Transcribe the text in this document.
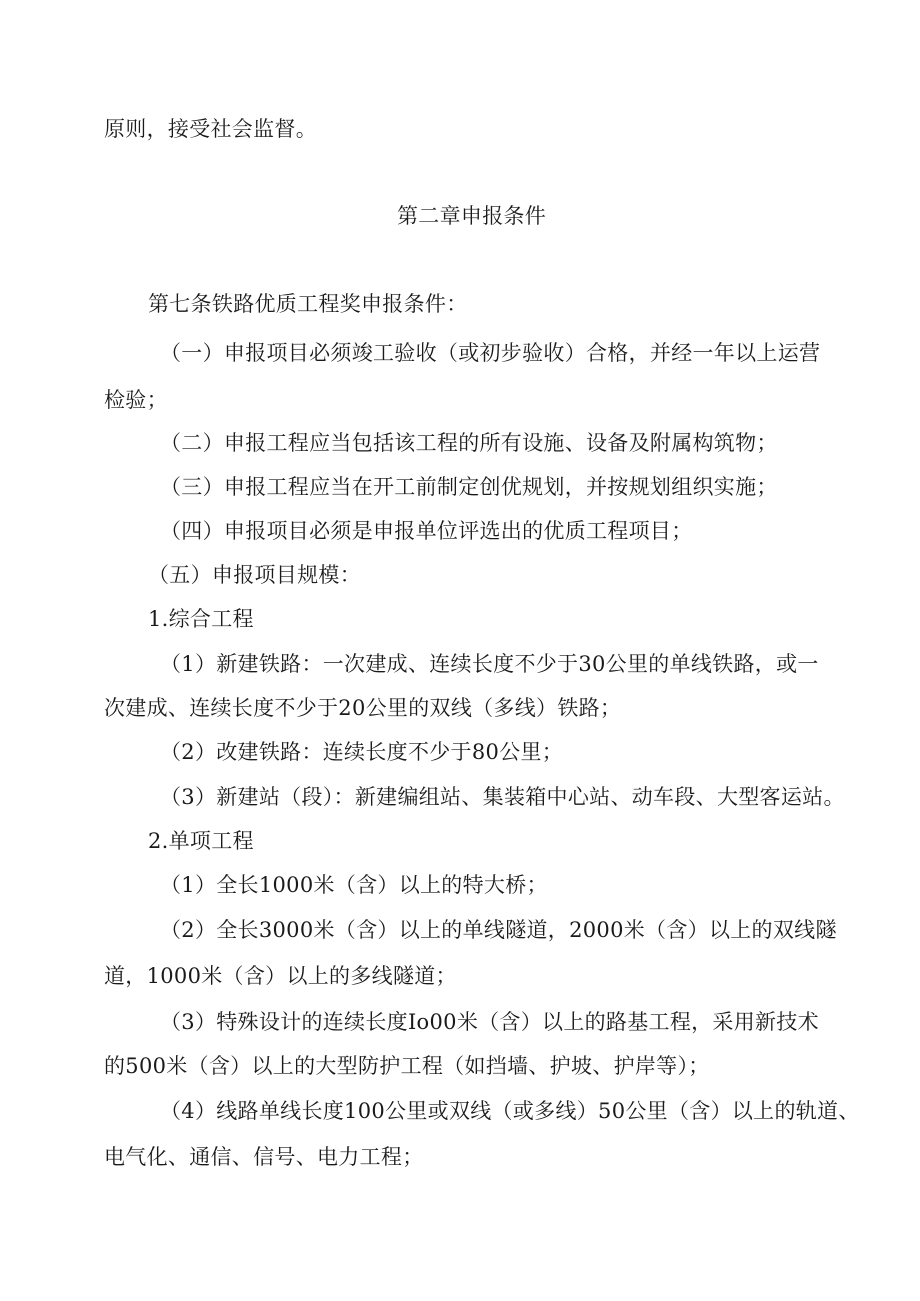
原则，接受社会监督。
第二章申报条件
第七条铁路优质工程奖申报条件：
（一）申报项目必须竣工验收（或初步验收）合格，并经一年以上运营
检验；
（二）申报工程应当包括该工程的所有设施、设备及附属构筑物；
（三）申报工程应当在开工前制定创优规划，并按规划组织实施；
（四）申报项目必须是申报单位评选出的优质工程项目；
（五）申报项目规模：
1.综合工程
（1）新建铁路：一次建成、连续长度不少于30公里的单线铁路，或一
次建成、连续长度不少于20公里的双线（多线）铁路；
（2）改建铁路：连续长度不少于80公里；
（3）新建站（段）：新建编组站、集装箱中心站、动车段、大型客运站。
2.单项工程
（1）全长1000米（含）以上的特大桥；
（2）全长3000米（含）以上的单线隧道，2000米（含）以上的双线隧
道，1000米（含）以上的多线隧道；
（3）特殊设计的连续长度Io00米（含）以上的路基工程，采用新技术
的500米（含）以上的大型防护工程（如挡墙、护坡、护岸等）；
（4）线路单线长度100公里或双线（或多线）50公里（含）以上的轨道、
电气化、通信、信号、电力工程；
